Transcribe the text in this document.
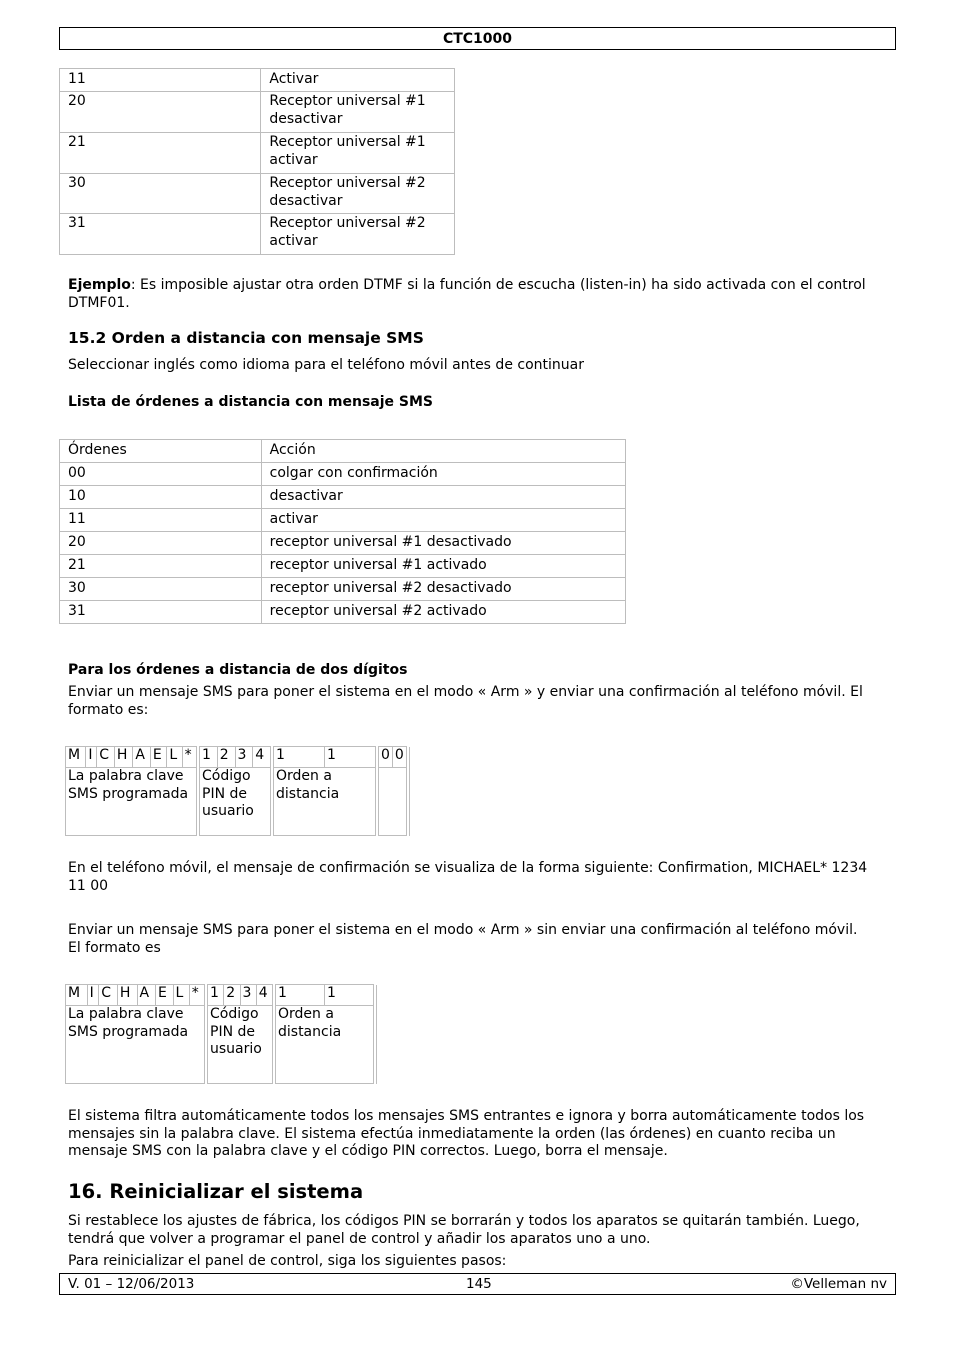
CTC1000
11	Activar
20	Receptor universal #1 desactivar
21	Receptor universal #1 activar
30	Receptor universal #2 desactivar
31	Receptor universal #2 activar
Ejemplo: Es imposible ajustar otra orden DTMF si la función de escucha (listen-in) ha sido activada con el control DTMF01.
15.2 Orden a distancia con mensaje SMS
Seleccionar inglés como idioma para el teléfono móvil antes de continuar
Lista de órdenes a distancia con mensaje SMS
Órdenes	Acción
00	colgar con confirmación
10	desactivar
11	activar
20	receptor universal #1 desactivado
21	receptor universal #1 activado
30	receptor universal #2 desactivado
31	receptor universal #2 activado
Para los órdenes a distancia de dos dígitos
Enviar un mensaje SMS para poner el sistema en el modo « Arm » y enviar una confirmación al teléfono móvil. El formato es:
M	I	C	H	A	E	L	*		1	2	3	4		1	1		0	0	
La palabra clave SMS programada									Código PIN de usuario					Orden a distancia					
En el teléfono móvil, el mensaje de confirmación se visualiza de la forma siguiente: Confirmation, MICHAEL* 1234 11 00
Enviar un mensaje SMS para poner el sistema en el modo « Arm » sin enviar una confirmación al teléfono móvil. El formato es
M	I	C	H	A	E	L	*		1	2	3	4		1	1	
La palabra clave SMS programada									Código PIN de usuario					Orden a distancia		
El sistema filtra automáticamente todos los mensajes SMS entrantes e ignora y borra automáticamente todos los mensajes sin la palabra clave. El sistema efectúa inmediatamente la orden (las órdenes) en cuanto reciba un mensaje SMS con la palabra clave y el código PIN correctos. Luego, borra el mensaje.
16. Reinicializar el sistema
Si restablece los ajustes de fábrica, los códigos PIN se borrarán y todos los aparatos se quitarán también. Luego, tendrá que volver a programar el panel de control y añadir los aparatos uno a uno.
Para reinicializar el panel de control, siga los siguientes pasos:
V. 01 – 12/06/2013	145	©Velleman nv
